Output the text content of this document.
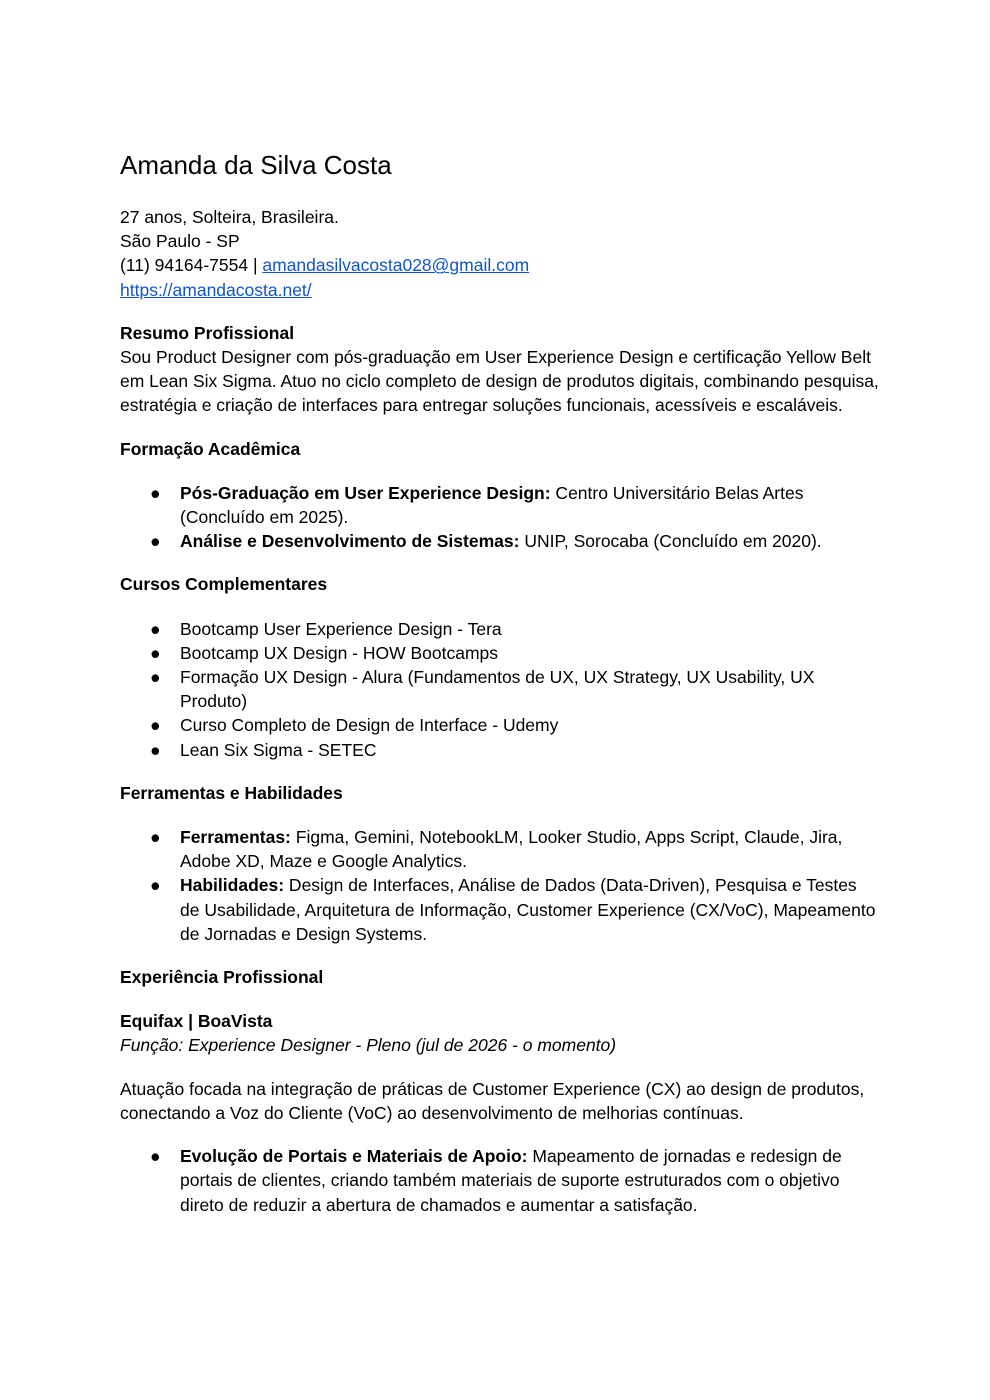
Amanda da Silva Costa
27 anos, Solteira, Brasileira.
São Paulo - SP
(11) 94164-7554 | amandasilvacosta028@gmail.com
https://amandacosta.net/
Resumo Profissional
Sou Product Designer com pós-graduação em User Experience Design e certificação Yellow Belt em Lean Six Sigma. Atuo no ciclo completo de design de produtos digitais, combinando pesquisa, estratégia e criação de interfaces para entregar soluções funcionais, acessíveis e escaláveis.
Formação Acadêmica
● Pós-Graduação em User Experience Design: Centro Universitário Belas Artes (Concluído em 2025).
● Análise e Desenvolvimento de Sistemas: UNIP, Sorocaba (Concluído em 2020).
Cursos Complementares
● Bootcamp User Experience Design - Tera
● Bootcamp UX Design - HOW Bootcamps
● Formação UX Design - Alura (Fundamentos de UX, UX Strategy, UX Usability, UX Produto)
● Curso Completo de Design de Interface - Udemy
● Lean Six Sigma - SETEC
Ferramentas e Habilidades
● Ferramentas: Figma, Gemini, NotebookLM, Looker Studio, Apps Script, Claude, Jira, Adobe XD, Maze e Google Analytics.
● Habilidades: Design de Interfaces, Análise de Dados (Data-Driven), Pesquisa e Testes de Usabilidade, Arquitetura de Informação, Customer Experience (CX/VoC), Mapeamento de Jornadas e Design Systems.
Experiência Profissional
Equifax | BoaVista
Função: Experience Designer - Pleno (jul de 2026 - o momento)
Atuação focada na integração de práticas de Customer Experience (CX) ao design de produtos, conectando a Voz do Cliente (VoC) ao desenvolvimento de melhorias contínuas.
● Evolução de Portais e Materiais de Apoio: Mapeamento de jornadas e redesign de portais de clientes, criando também materiais de suporte estruturados com o objetivo direto de reduzir a abertura de chamados e aumentar a satisfação.
